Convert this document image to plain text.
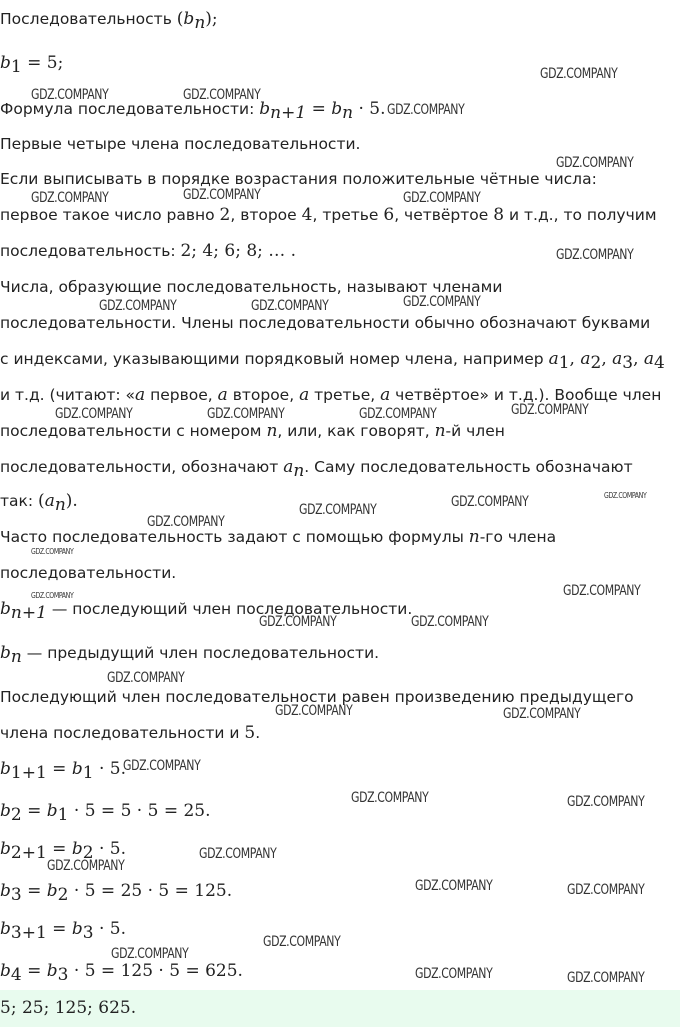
Последовательность $(b_n)$;
$b_1 = 5$;
Формула последовательности: $b_{n+1} = b_n \cdot 5$.
Первые четыре члена последовательности.
Если выписывать в порядке возрастания положительные чётные числа:
первое такое число равно 2, второе 4, третье 6, четвёртое 8 и т.д., то получим
последовательность: 2; 4; 6; 8; … .
Числа, образующие последовательность, называют членами
последовательности. Члены последовательности обычно обозначают буквами
с индексами, указывающими порядковый номер члена, например $a_1$, $a_2$, $a_3$, $a_4$
и т.д. (читают: «a первое, a второе, a третье, a четвёртое» и т.д.). Вообще член
последовательности с номером n, или, как говорят, n-й член
последовательности, обозначают $a_n$. Саму последовательность обозначают
так: $(a_n)$.
Часто последовательность задают с помощью формулы n-го члена
последовательности.
$b_{n+1}$ — последующий член последовательности.
$b_n$ — предыдущий член последовательности.
Последующий член последовательности равен произведению предыдущего
члена последовательности и 5.
$b_{1+1} = b_1 \cdot 5$.
$b_2 = b_1 \cdot 5 = 5 \cdot 5 = 25$.
$b_{2+1} = b_2 \cdot 5$.
$b_3 = b_2 \cdot 5 = 25 \cdot 5 = 125$.
$b_{3+1} = b_3 \cdot 5$.
$b_4 = b_3 \cdot 5 = 125 \cdot 5 = 625$.
5; 25; 125; 625.
GDZ.COMPANY
GDZ.COMPANY	GDZ.COMPANY
GDZ.COMPANY
GDZ.COMPANY
GDZ.COMPANY	GDZ.COMPANY	GDZ.COMPANY
GDZ.COMPANY
GDZ.COMPANY	GDZ.COMPANY	GDZ.COMPANY
GDZ.COMPANY	GDZ.COMPANY	GDZ.COMPANY	GDZ.COMPANY
GDZ.COMPANY	GDZ.COMPANY
GDZ.COMPANY
GDZ.COMPANY
GDZ.COMPANY
GDZ.COMPANY
GDZ.COMPANY
GDZ.COMPANY	GDZ.COMPANY
GDZ.COMPANY
GDZ.COMPANY	GDZ.COMPANY
GDZ.COMPANY
GDZ.COMPANY	GDZ.COMPANY
GDZ.COMPANY
GDZ.COMPANY
GDZ.COMPANY	GDZ.COMPANY
GDZ.COMPANY
GDZ.COMPANY
GDZ.COMPANY	GDZ.COMPANY
